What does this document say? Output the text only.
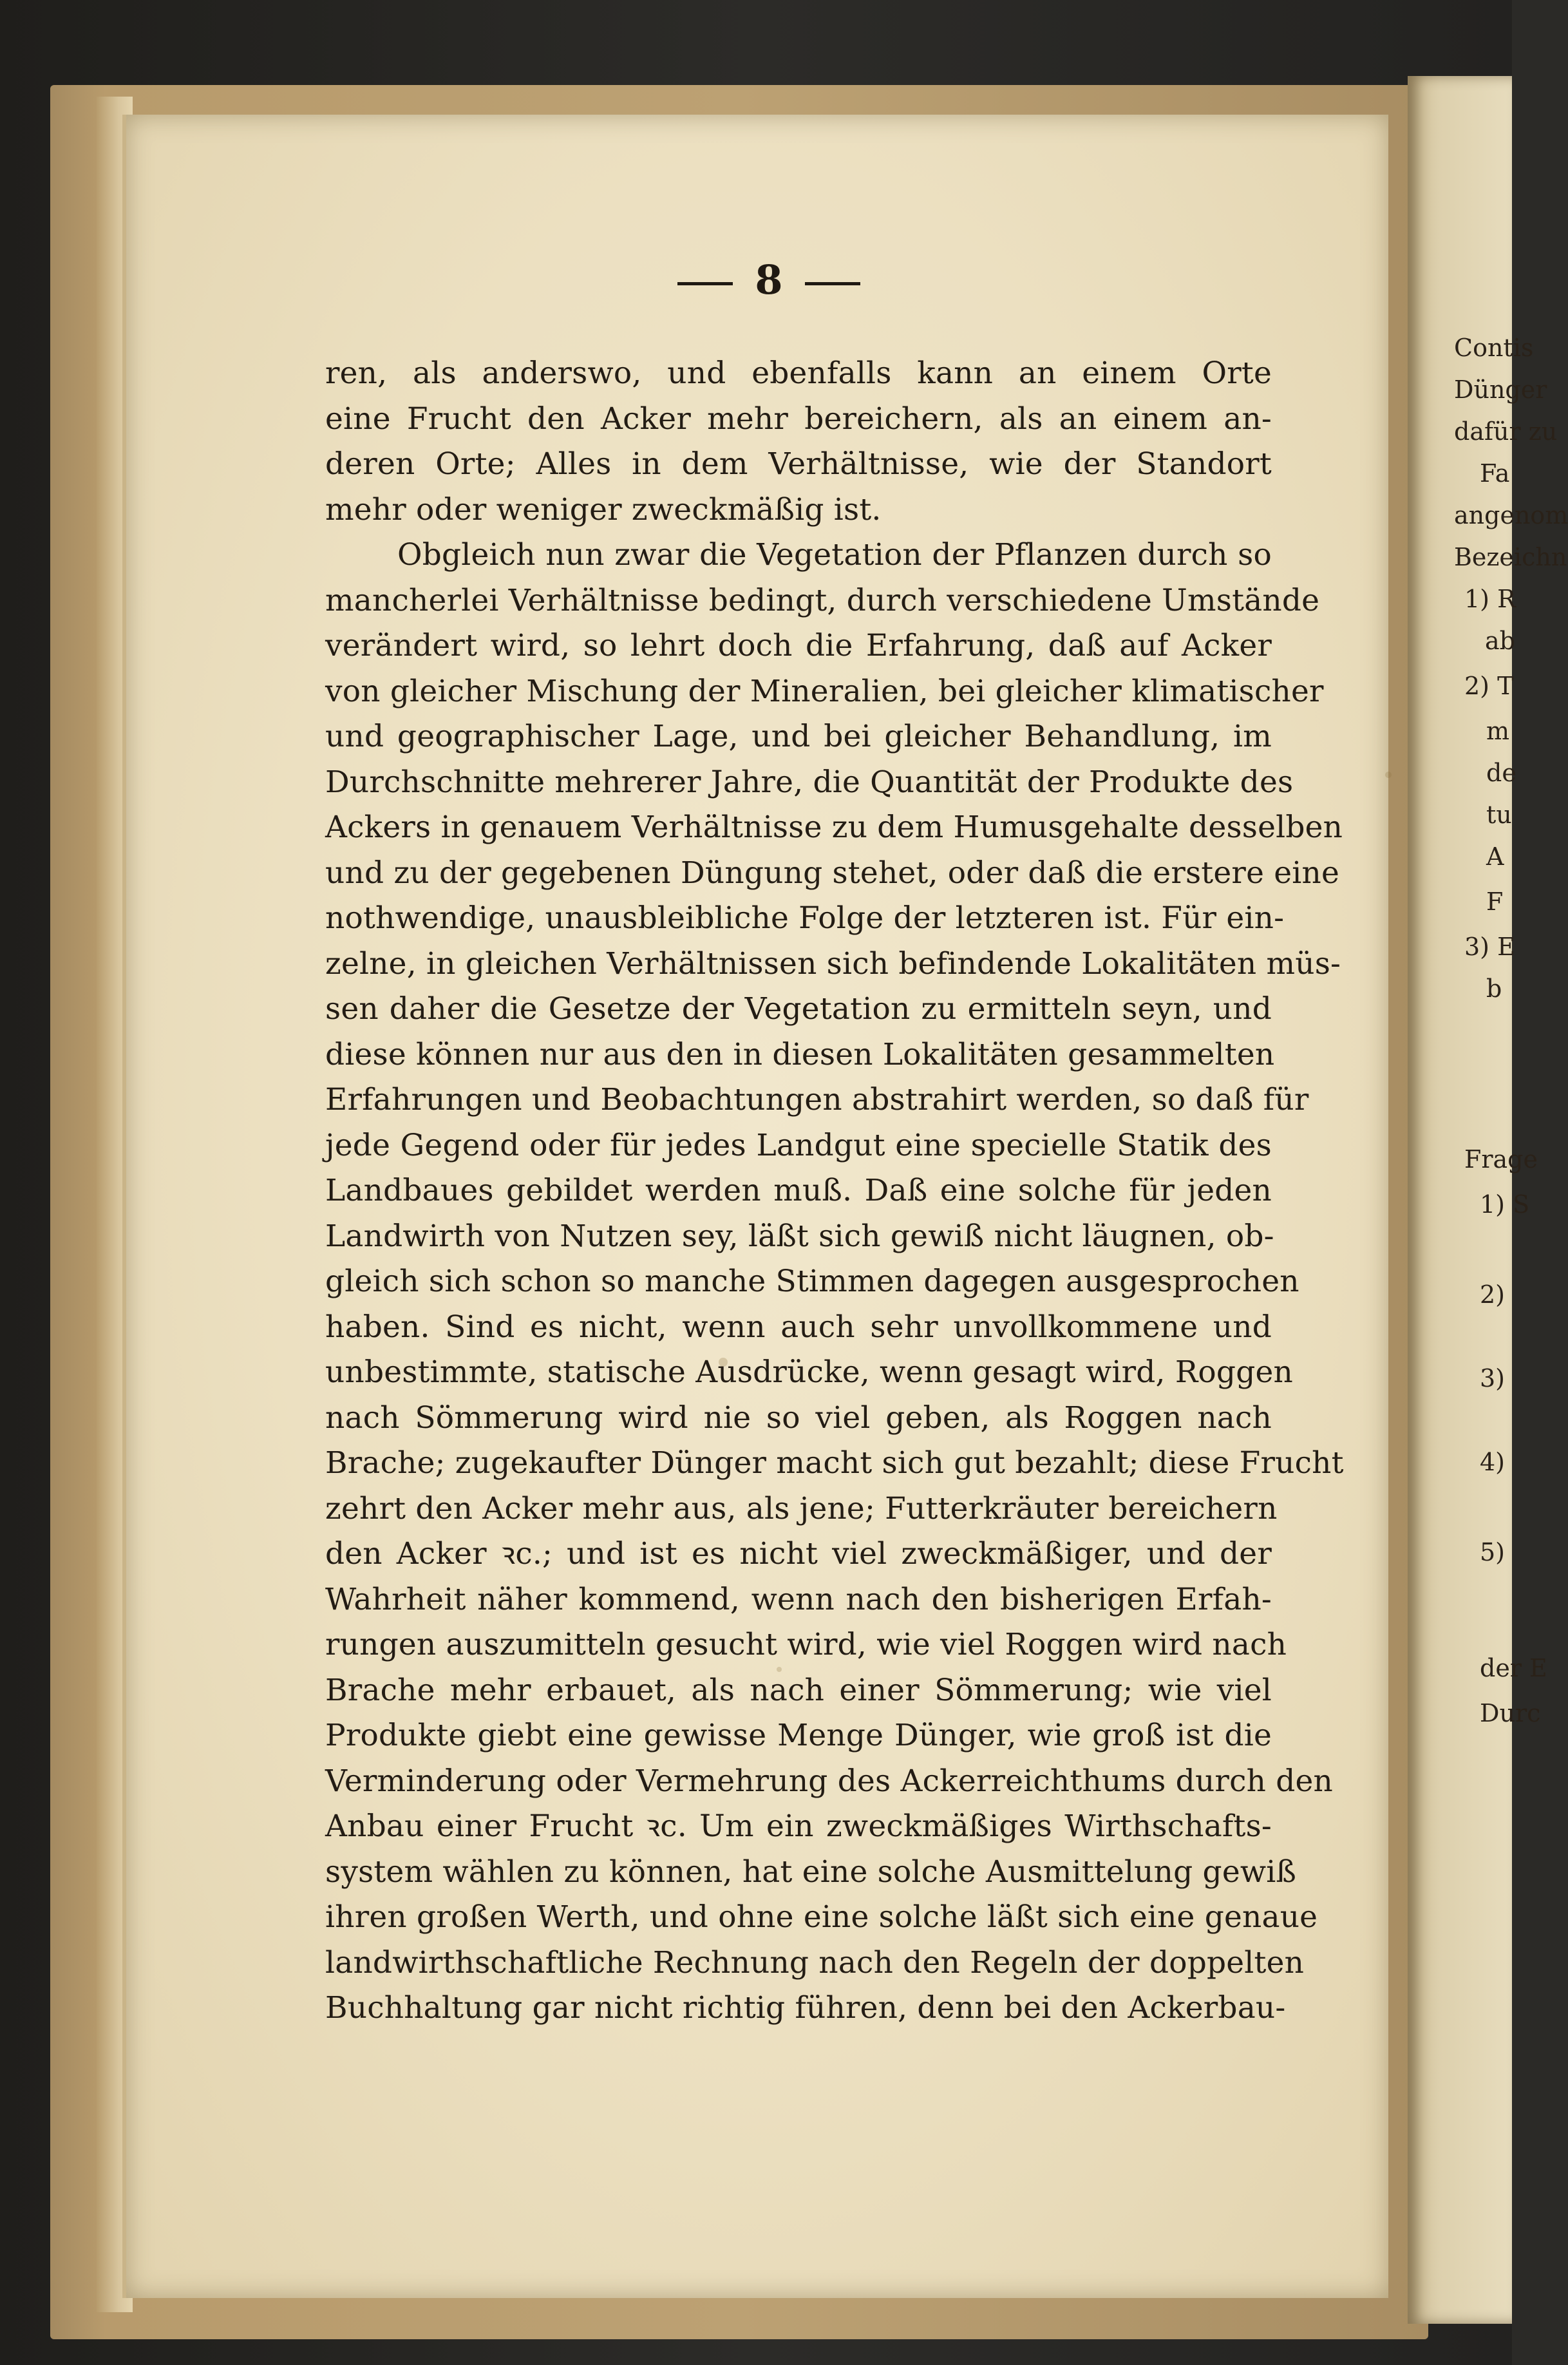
Contis
Dünger
dafür zu
Fa
angenom
Bezeichn
1) R
ab
2) T
m
de
tu
A
F
3) E
b
Frage
1) S
2)
3)
4)
5)
der E
Durc
8
ren, als anderswo, und ebenfalls kann an einem Orte
eine Frucht den Acker mehr bereichern, als an einem an-
deren Orte; Alles in dem Verhältnisse, wie der Standort
mehr oder weniger zweckmäßig ist.
Obgleich nun zwar die Vegetation der Pflanzen durch so
mancherlei Verhältnisse bedingt, durch verschiedene Umstände
verändert wird, so lehrt doch die Erfahrung, daß auf Acker
von gleicher Mischung der Mineralien, bei gleicher klimatischer
und geographischer Lage, und bei gleicher Behandlung, im
Durchschnitte mehrerer Jahre, die Quantität der Produkte des
Ackers in genauem Verhältnisse zu dem Humusgehalte desselben
und zu der gegebenen Düngung stehet, oder daß die erstere eine
nothwendige, unausbleibliche Folge der letzteren ist. Für ein-
zelne, in gleichen Verhältnissen sich befindende Lokalitäten müs-
sen daher die Gesetze der Vegetation zu ermitteln seyn, und
diese können nur aus den in diesen Lokalitäten gesammelten
Erfahrungen und Beobachtungen abstrahirt werden, so daß für
jede Gegend oder für jedes Landgut eine specielle Statik des
Landbaues gebildet werden muß. Daß eine solche für jeden
Landwirth von Nutzen sey, läßt sich gewiß nicht läugnen, ob-
gleich sich schon so manche Stimmen dagegen ausgesprochen
haben. Sind es nicht, wenn auch sehr unvollkommene und
unbestimmte, statische Ausdrücke, wenn gesagt wird, Roggen
nach Sömmerung wird nie so viel geben, als Roggen nach
Brache; zugekaufter Dünger macht sich gut bezahlt; diese Frucht
zehrt den Acker mehr aus, als jene; Futterkräuter bereichern
den Acker ꝛc.; und ist es nicht viel zweckmäßiger, und der
Wahrheit näher kommend, wenn nach den bisherigen Erfah-
rungen auszumitteln gesucht wird, wie viel Roggen wird nach
Brache mehr erbauet, als nach einer Sömmerung; wie viel
Produkte giebt eine gewisse Menge Dünger, wie groß ist die
Verminderung oder Vermehrung des Ackerreichthums durch den
Anbau einer Frucht ꝛc. Um ein zweckmäßiges Wirthschafts-
system wählen zu können, hat eine solche Ausmittelung gewiß
ihren großen Werth, und ohne eine solche läßt sich eine genaue
landwirthschaftliche Rechnung nach den Regeln der doppelten
Buchhaltung gar nicht richtig führen, denn bei den Ackerbau-
